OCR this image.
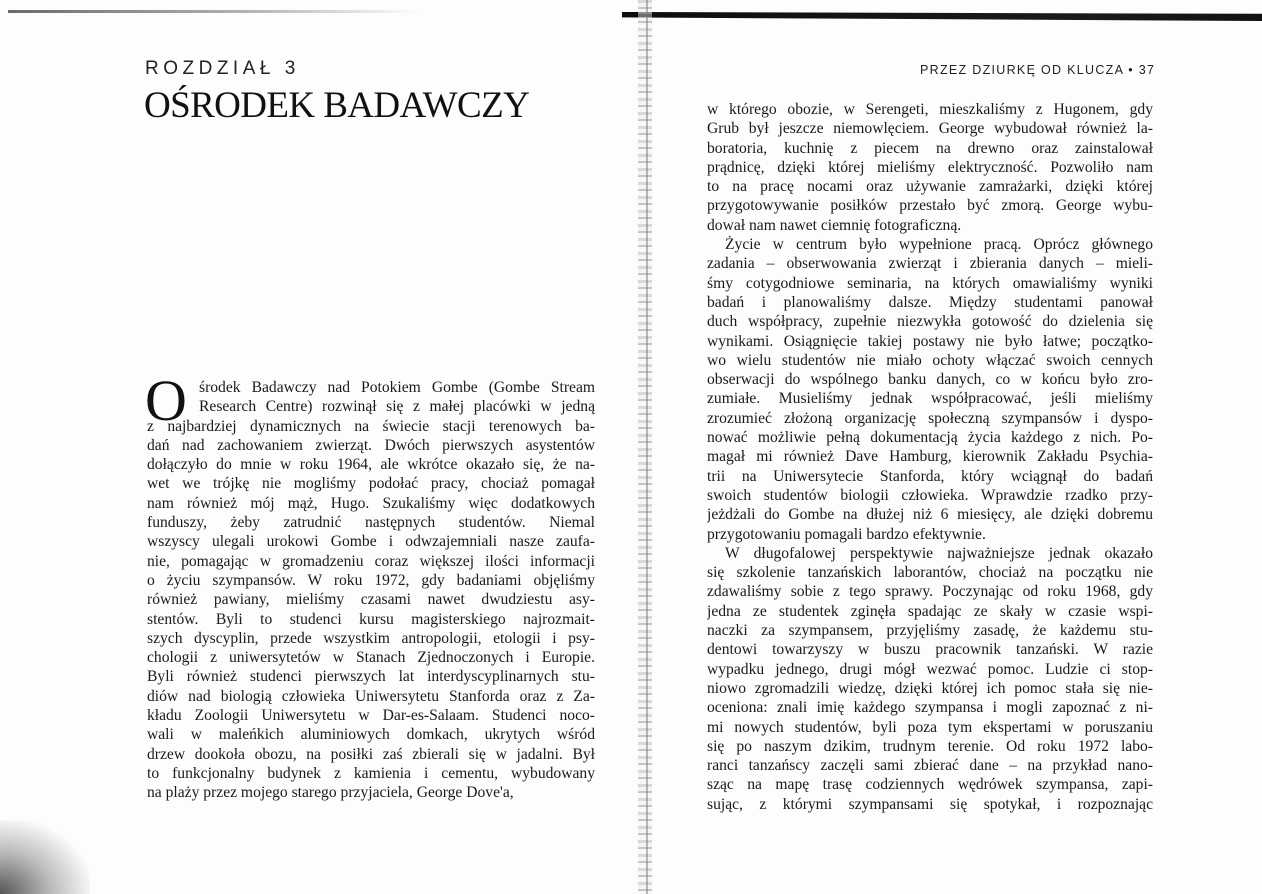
ROZDZIAŁ 3
OŚRODEK BADAWCZY
O środek Badawczy nad Potokiem Gombe (Gombe Stream
Research Centre) rozwinął się z małej placówki w jedną
z najbardziej dynamicznych na świecie stacji terenowych ba-
dań nad zachowaniem zwierząt. Dwóch pierwszych asystentów
dołączyło do mnie w roku 1964, ale wkrótce okazało się, że na-
wet we trójkę nie mogliśmy podołać pracy, chociaż pomagał
nam również mój mąż, Hugo. Szukaliśmy więc dodatkowych
funduszy, żeby zatrudnić następnych studentów. Niemal
wszyscy ulegali urokowi Gombe i odwzajemniali nasze zaufa-
nie, pomagając w gromadzeniu coraz większej ilości informacji
o życiu szympansów. W roku 1972, gdy badaniami objęliśmy
również pawiany, mieliśmy czasami nawet dwudziestu asy-
stentów. Byli to studenci kursu magisterskiego najrozmait-
szych dyscyplin, przede wszystkim antropologii, etologii i psy-
chologii z uniwersytetów w Stanach Zjednoczonych i Europie.
Byli również studenci pierwszych lat interdyscyplinarnych stu-
diów nad biologią człowieka Uniwersytetu Stanforda oraz z Za-
kładu Zoologii Uniwersytetu w Dar-es-Salaam. Studenci noco-
wali w maleńkich aluminiowych domkach, ukrytych wśród
drzew dookoła obozu, na posiłki zaś zbierali się w jadalni. Był
to funkcjonalny budynek z kamienia i cementu, wybudowany
na plaży przez mojego starego przyjaciela, George Dove'a,
PRZEZ DZIURKĘ OD KLUCZA • 37
w którego obozie, w Serengeti, mieszkaliśmy z Hugonem, gdy
Grub był jeszcze niemowlęciem. George wybudował również la-
boratoria, kuchnię z piecem na drewno oraz zainstalował
prądnicę, dzięki której mieliśmy elektryczność. Pozwoliło nam
to na pracę nocami oraz używanie zamrażarki, dzięki której
przygotowywanie posiłków przestało być zmorą. George wybu-
dował nam nawet ciemnię fotograficzną.
Życie w centrum było wypełnione pracą. Oprócz głównego
zadania – obserwowania zwierząt i zbierania danych – mieli-
śmy cotygodniowe seminaria, na których omawialiśmy wyniki
badań i planowaliśmy dalsze. Między studentami panował
duch współpracy, zupełnie niezwykła gotowość do dzielenia się
wynikami. Osiągnięcie takiej postawy nie było łatwe; początko-
wo wielu studentów nie miało ochoty włączać swoich cennych
obserwacji do wspólnego banku danych, co w końcu było zro-
zumiałe. Musieliśmy jednak współpracować, jeśli mieliśmy
zrozumieć złożoną organizację społeczną szympansów i dyspo-
nować możliwie pełną dokumentacją życia każdego z nich. Po-
magał mi również Dave Hamburg, kierownik Zakładu Psychia-
trii na Uniwersytecie Stanforda, który wciągnął do badań
swoich studentów biologii człowieka. Wprawdzie rzadko przy-
jeżdżali do Gombe na dłużej niż 6 miesięcy, ale dzięki dobremu
przygotowaniu pomagali bardzo efektywnie.
W długofalowej perspektywie najważniejsze jednak okazało
się szkolenie tanzańskich laborantów, chociaż na początku nie
zdawaliśmy sobie z tego sprawy. Poczynając od roku 1968, gdy
jedna ze studentek zginęła spadając ze skały w czasie wspi-
naczki za szympansem, przyjęliśmy zasadę, że każdemu stu-
dentowi towarzyszy w buszu pracownik tanzański. W razie
wypadku jednego, drugi mógł wezwać pomoc. Ludzie ci stop-
niowo zgromadzili wiedzę, dzięki której ich pomoc stała się nie-
oceniona: znali imię każdego szympansa i mogli zapoznać z ni-
mi nowych studentów, byli poza tym ekspertami w poruszaniu
się po naszym dzikim, trudnym terenie. Od roku 1972 labo-
ranci tanzańscy zaczęli sami zbierać dane – na przykład nano-
sząc na mapę trasę codziennych wędrówek szympansa, zapi-
sując, z którymi szympansami się spotykał, i rozpoznając
